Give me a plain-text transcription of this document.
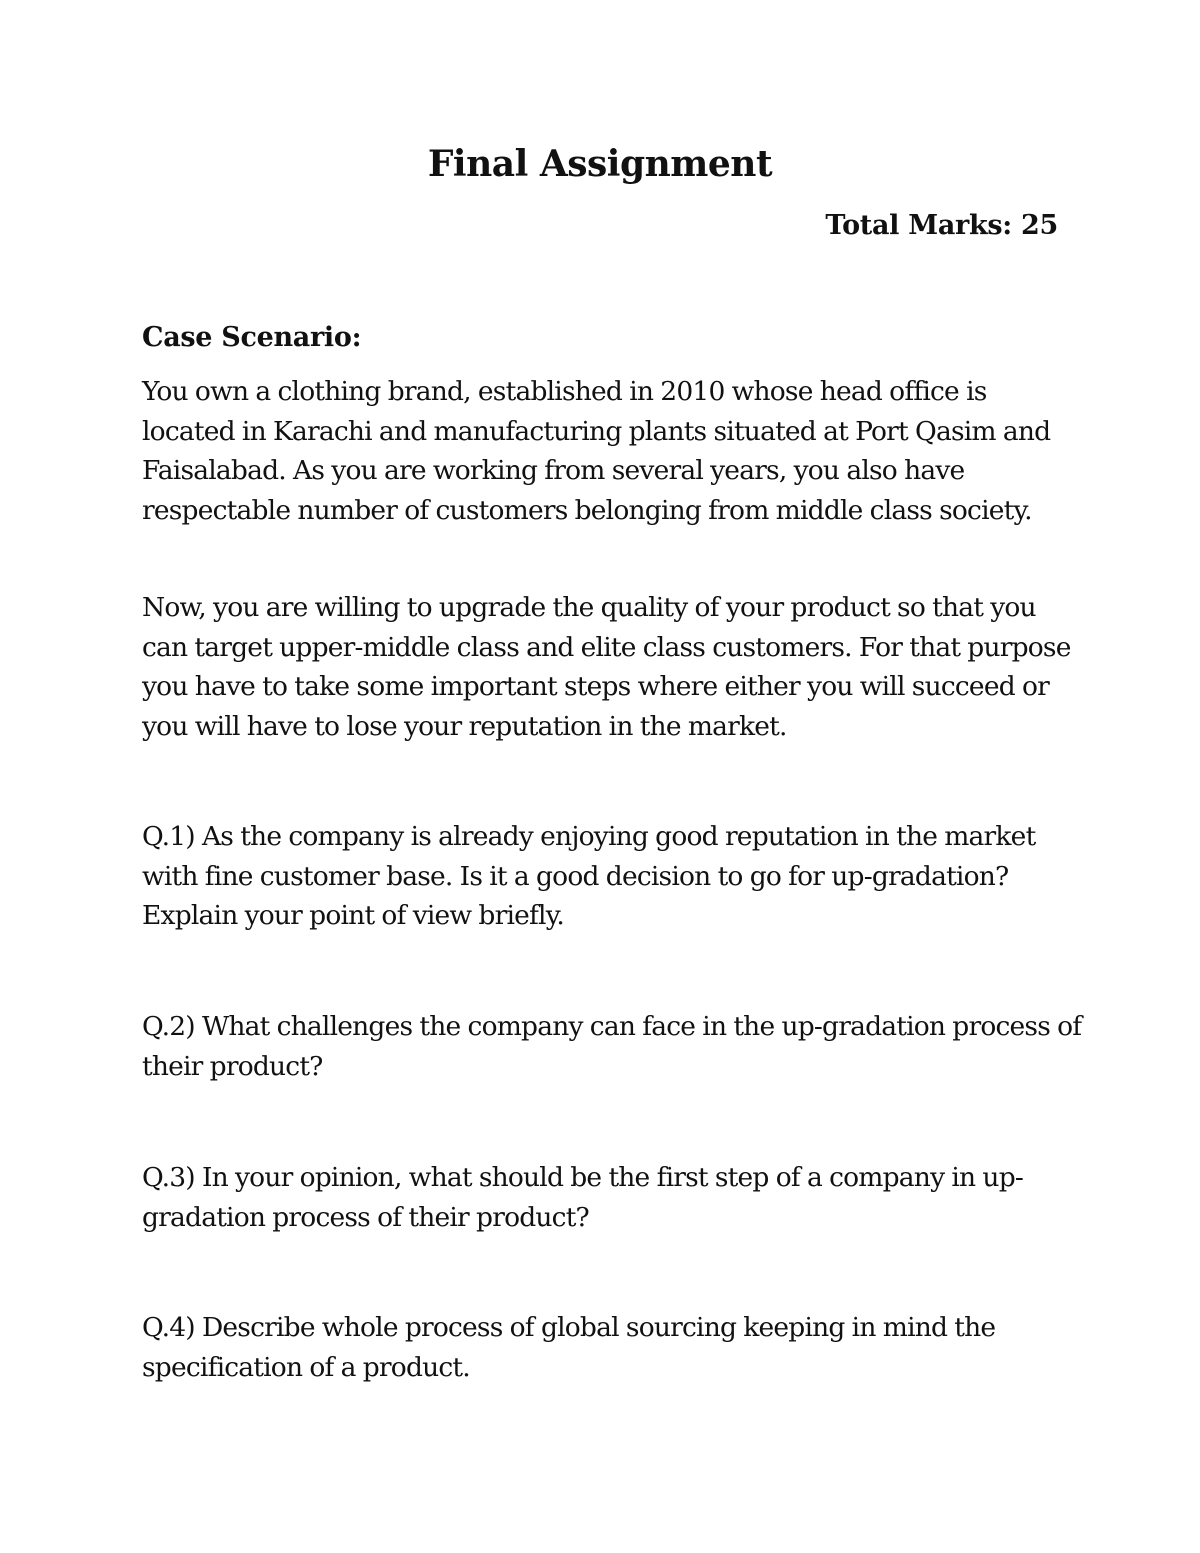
Final Assignment
Total Marks: 25
Case Scenario:

You own a clothing brand, established in 2010 whose head office is located in Karachi and manufacturing plants situated at Port Qasim and Faisalabad. As you are working from several years, you also have respectable number of customers belonging from middle class society.

Now, you are willing to upgrade the quality of your product so that you can target upper-middle class and elite class customers. For that purpose you have to take some important steps where either you will succeed or you will have to lose your reputation in the market.

Q.1) As the company is already enjoying good reputation in the market with fine customer base. Is it a good decision to go for up-gradation? Explain your point of view briefly.

Q.2) What challenges the company can face in the up-gradation process of their product?

Q.3) In your opinion, what should be the first step of a company in up-gradation process of their product?

Q.4) Describe whole process of global sourcing keeping in mind the specification of a product.
